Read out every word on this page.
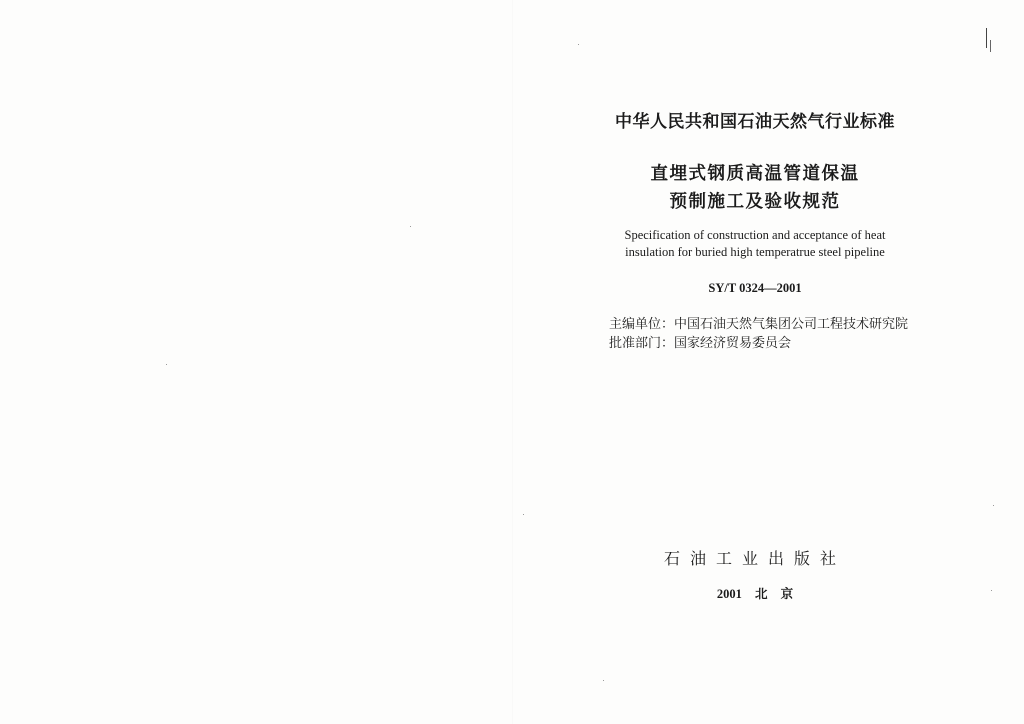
中华人民共和国石油天然气行业标准
直埋式钢质高温管道保温
预制施工及验收规范
Specification of construction and acceptance of heat
insulation for buried high temperatrue steel pipeline
SY/T 0324—2001
主编单位：中国石油天然气集团公司工程技术研究院
批准部门：国家经济贸易委员会
石油工业出版社
2001 北 京
